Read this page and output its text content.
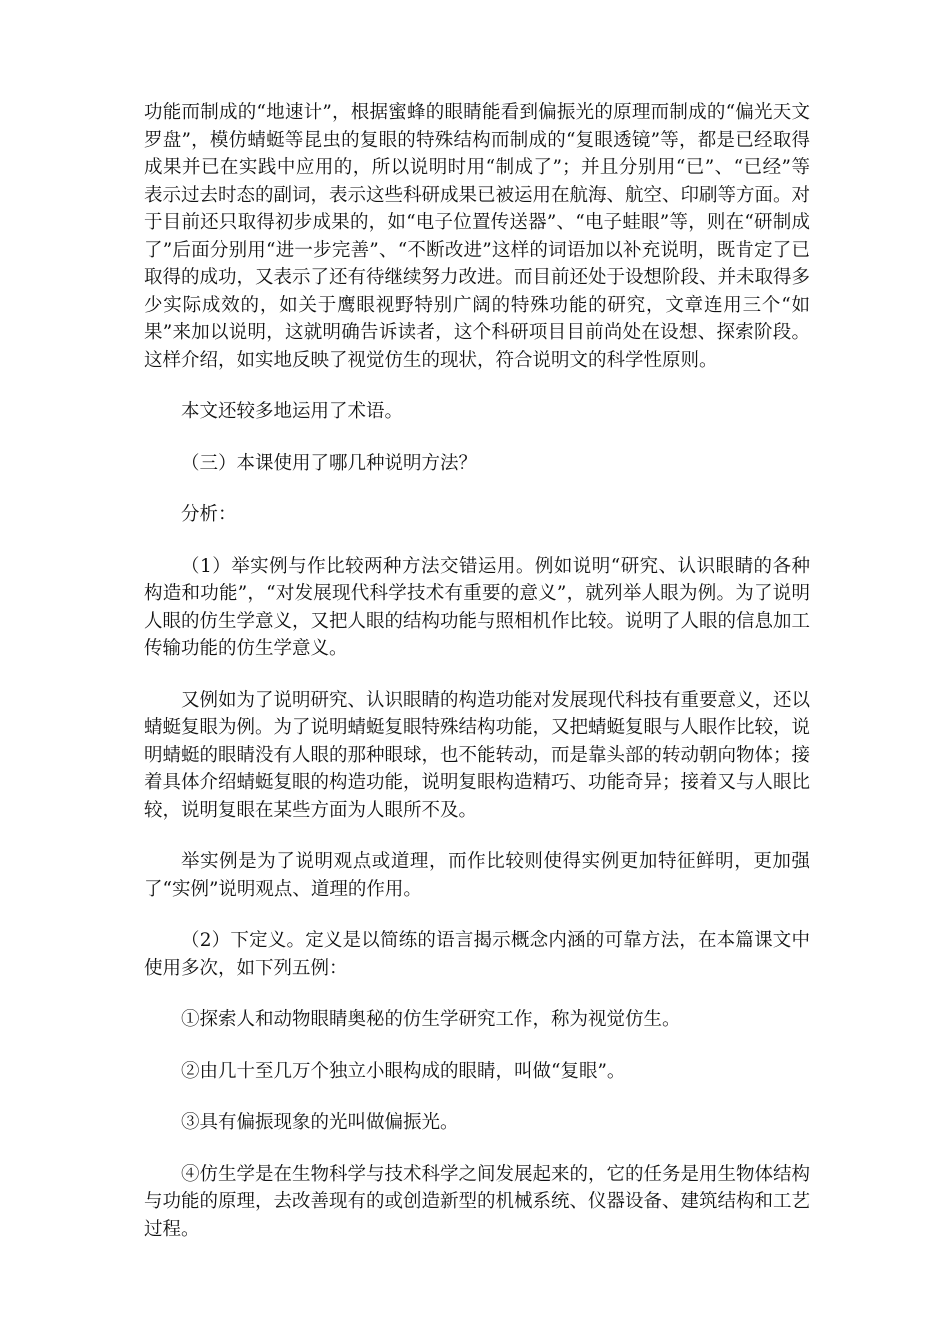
功能而制成的“地速计”，根据蜜蜂的眼睛能看到偏振光的原理而制成的“偏光天文罗盘”，模仿蜻蜓等昆虫的复眼的特殊结构而制成的“复眼透镜”等，都是已经取得成果并已在实践中应用的，所以说明时用“制成了”；并且分别用“已”、“已经”等表示过去时态的副词，表示这些科研成果已被运用在航海、航空、印刷等方面。对于目前还只取得初步成果的，如“电子位置传送器”、“电子蛙眼”等，则在“研制成了”后面分别用“进一步完善”、“不断改进”这样的词语加以补充说明，既肯定了已取得的成功，又表示了还有待继续努力改进。而目前还处于设想阶段、并未取得多少实际成效的，如关于鹰眼视野特别广阔的特殊功能的研究，文章连用三个“如果”来加以说明，这就明确告诉读者，这个科研项目目前尚处在设想、探索阶段。这样介绍，如实地反映了视觉仿生的现状，符合说明文的科学性原则。

本文还较多地运用了术语。

（三）本课使用了哪几种说明方法？

分析：

（1）举实例与作比较两种方法交错运用。例如说明“研究、认识眼睛的各种构造和功能”，“对发展现代科学技术有重要的意义”，就列举人眼为例。为了说明人眼的仿生学意义，又把人眼的结构功能与照相机作比较。说明了人眼的信息加工传输功能的仿生学意义。

又例如为了说明研究、认识眼睛的构造功能对发展现代科技有重要意义，还以蜻蜓复眼为例。为了说明蜻蜓复眼特殊结构功能，又把蜻蜓复眼与人眼作比较，说明蜻蜓的眼睛没有人眼的那种眼球，也不能转动，而是靠头部的转动朝向物体；接着具体介绍蜻蜓复眼的构造功能，说明复眼构造精巧、功能奇异；接着又与人眼比较，说明复眼在某些方面为人眼所不及。

举实例是为了说明观点或道理，而作比较则使得实例更加特征鲜明，更加强了“实例”说明观点、道理的作用。

（2）下定义。定义是以简练的语言揭示概念内涵的可靠方法，在本篇课文中使用多次，如下列五例：

①探索人和动物眼睛奥秘的仿生学研究工作，称为视觉仿生。

②由几十至几万个独立小眼构成的眼睛，叫做“复眼”。

③具有偏振现象的光叫做偏振光。

④仿生学是在生物科学与技术科学之间发展起来的，它的任务是用生物体结构与功能的原理，去改善现有的或创造新型的机械系统、仪器设备、建筑结构和工艺过程。
